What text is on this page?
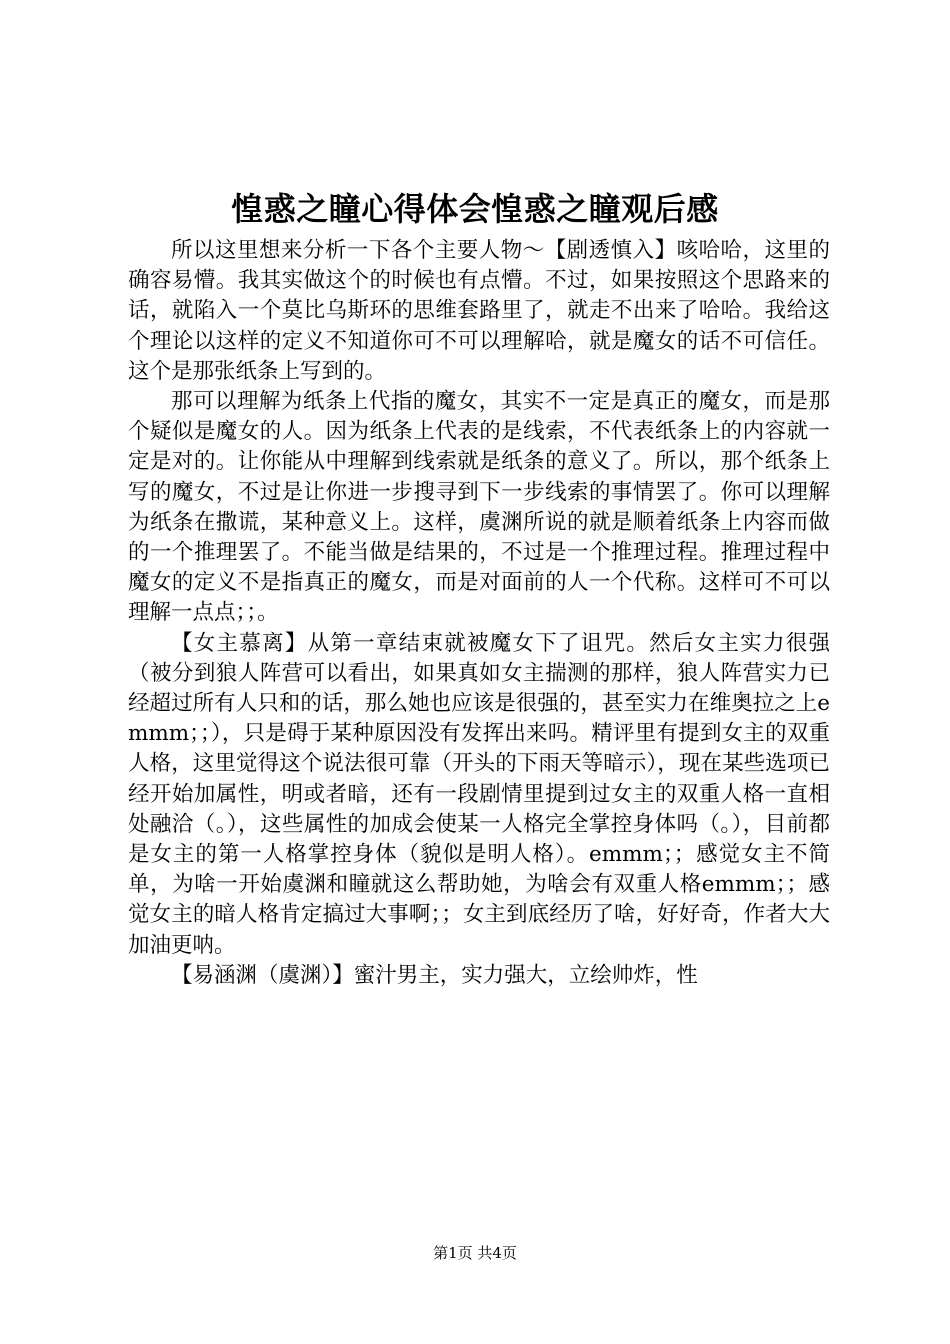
惶惑之瞳心得体会惶惑之瞳观后感

所以这里想来分析一下各个主要人物～【剧透慎入】咳哈哈，这里的确容易懵。我其实做这个的时候也有点懵。不过，如果按照这个思路来的话，就陷入一个莫比乌斯环的思维套路里了，就走不出来了哈哈。我给这个理论以这样的定义不知道你可不可以理解哈，就是魔女的话不可信任。这个是那张纸条上写到的。

那可以理解为纸条上代指的魔女，其实不一定是真正的魔女，而是那个疑似是魔女的人。因为纸条上代表的是线索，不代表纸条上的内容就一定是对的。让你能从中理解到线索就是纸条的意义了。所以，那个纸条上写的魔女，不过是让你进一步搜寻到下一步线索的事情罢了。你可以理解为纸条在撒谎，某种意义上。这样，虞渊所说的就是顺着纸条上内容而做的一个推理罢了。不能当做是结果的，不过是一个推理过程。推理过程中魔女的定义不是指真正的魔女，而是对面前的人一个代称。这样可不可以理解一点点；；。

【女主慕离】从第一章结束就被魔女下了诅咒。然后女主实力很强（被分到狼人阵营可以看出，如果真如女主揣测的那样，狼人阵营实力已经超过所有人只和的话，那么她也应该是很强的，甚至实力在维奥拉之上emmm；；），只是碍于某种原因没有发挥出来吗。精评里有提到女主的双重人格，这里觉得这个说法很可靠（开头的下雨天等暗示），现在某些选项已经开始加属性，明或者暗，还有一段剧情里提到过女主的双重人格一直相处融洽（。），这些属性的加成会使某一人格完全掌控身体吗（。），目前都是女主的第一人格掌控身体（貌似是明人格）。emmm；；感觉女主不简单，为啥一开始虞渊和瞳就这么帮助她，为啥会有双重人格emmm；；感觉女主的暗人格肯定搞过大事啊；；女主到底经历了啥，好好奇，作者大大加油更呐。

【易涵渊（虞渊）】蜜汁男主，实力强大，立绘帅炸，性

第1页 共4页
